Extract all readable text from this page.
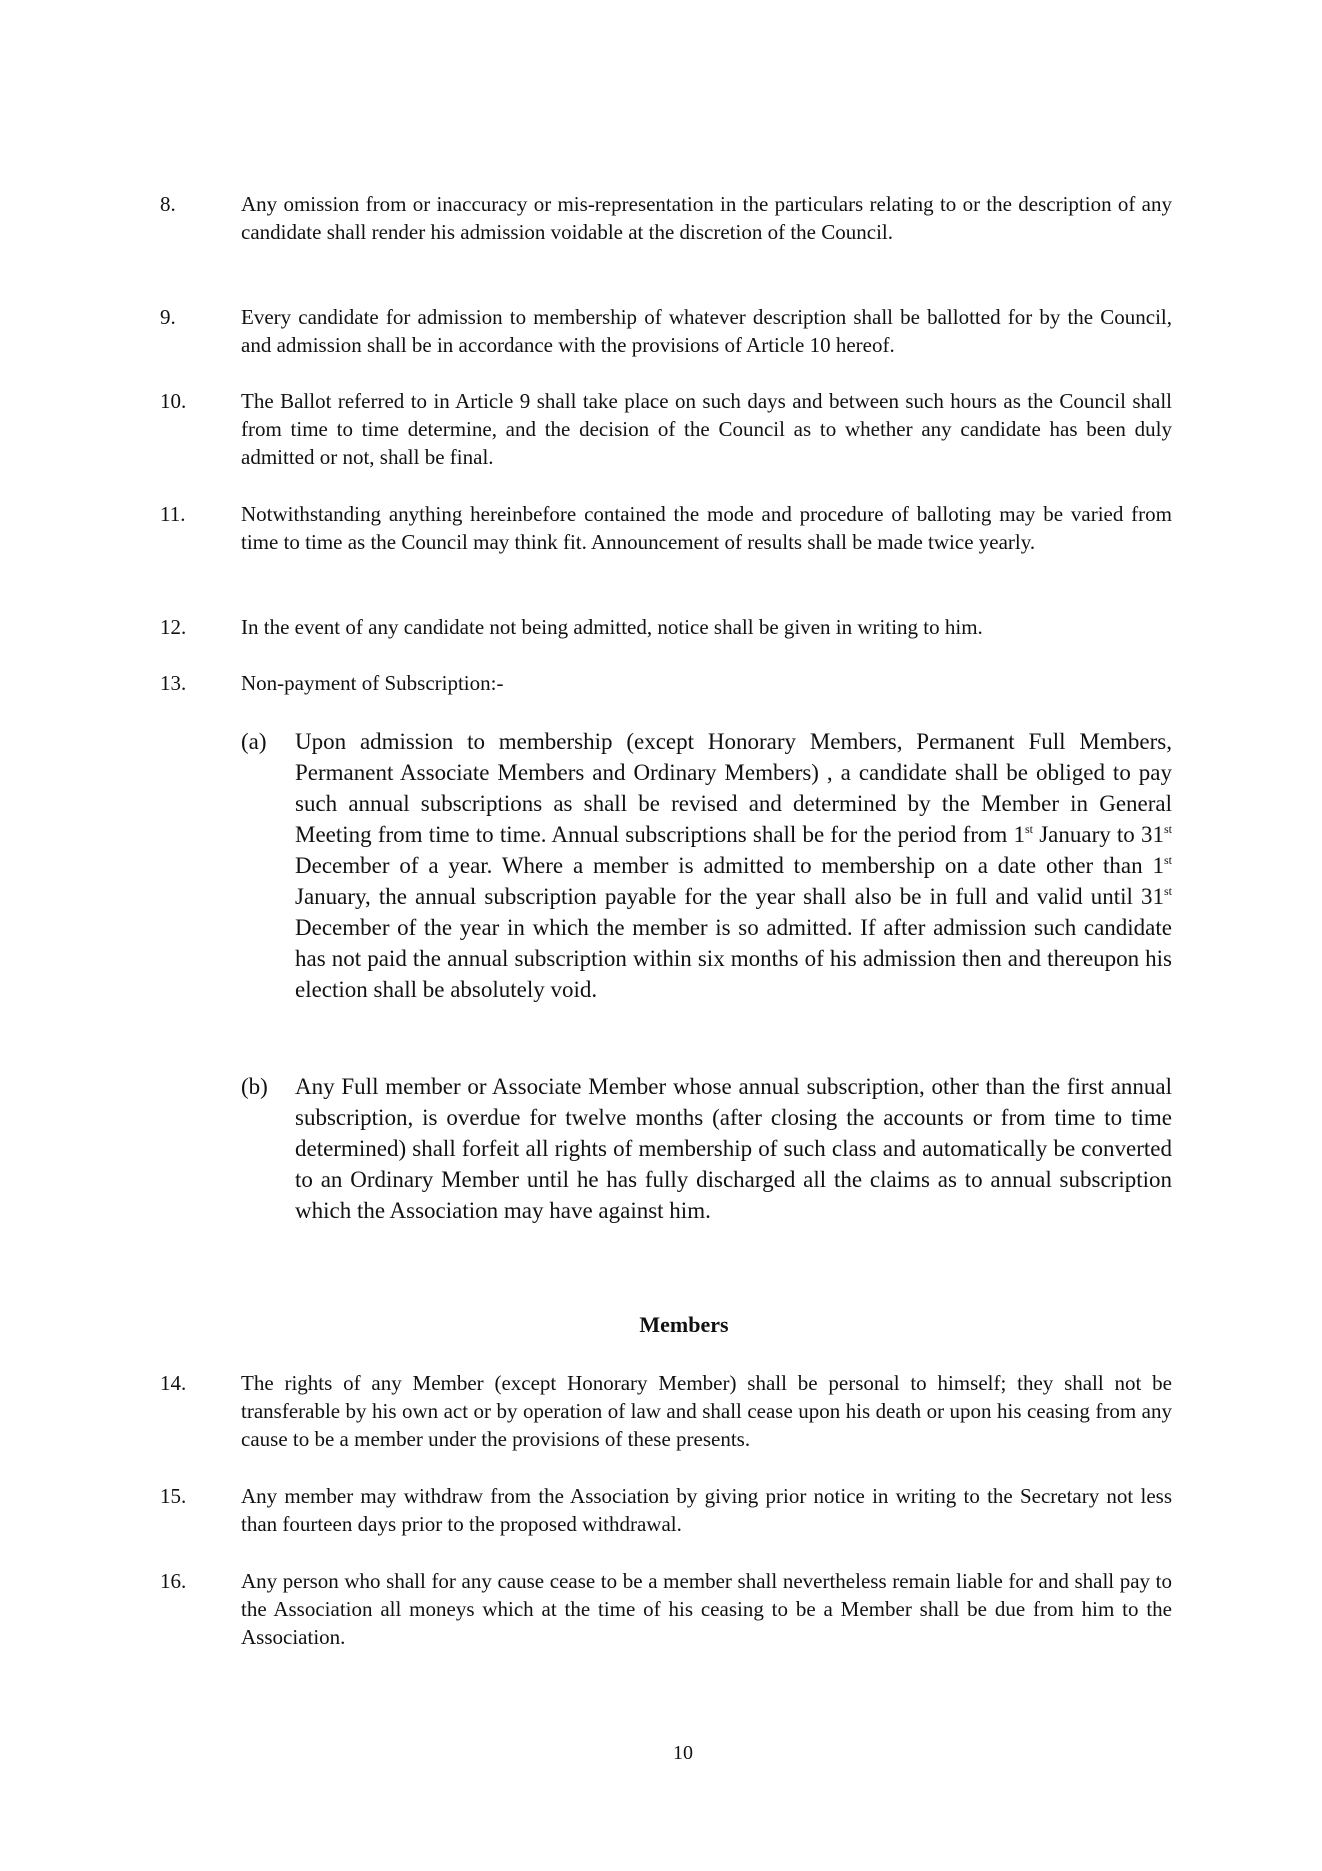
8.	Any omission from or inaccuracy or mis-representation in the particulars relating to or the description of any candidate shall render his admission voidable at the discretion of the Council.
9.	Every candidate for admission to membership of whatever description shall be ballotted for by the Council, and admission shall be in accordance with the provisions of Article 10 hereof.
10.	The Ballot referred to in Article 9 shall take place on such days and between such hours as the Council shall from time to time determine, and the decision of the Council as to whether any candidate has been duly admitted or not, shall be final.
11.	Notwithstanding anything hereinbefore contained the mode and procedure of balloting may be varied from time to time as the Council may think fit. Announcement of results shall be made twice yearly.
12.	In the event of any candidate not being admitted, notice shall be given in writing to him.
13.	Non-payment of Subscription:-
(a)	Upon admission to membership (except Honorary Members, Permanent Full Members, Permanent Associate Members and Ordinary Members) , a candidate shall be obliged to pay such annual subscriptions as shall be revised and determined by the Member in General Meeting from time to time. Annual subscriptions shall be for the period from 1st January to 31st December of a year. Where a member is admitted to membership on a date other than 1st January, the annual subscription payable for the year shall also be in full and valid until 31st December of the year in which the member is so admitted. If after admission such candidate has not paid the annual subscription within six months of his admission then and thereupon his election shall be absolutely void.
(b)	Any Full member or Associate Member whose annual subscription, other than the first annual subscription, is overdue for twelve months (after closing the accounts or from time to time determined) shall forfeit all rights of membership of such class and automatically be converted to an Ordinary Member until he has fully discharged all the claims as to annual subscription which the Association may have against him.
Members
14.	The rights of any Member (except Honorary Member) shall be personal to himself; they shall not be transferable by his own act or by operation of law and shall cease upon his death or upon his ceasing from any cause to be a member under the provisions of these presents.
15.	Any member may withdraw from the Association by giving prior notice in writing to the Secretary not less than fourteen days prior to the proposed withdrawal.
16.	Any person who shall for any cause cease to be a member shall nevertheless remain liable for and shall pay to the Association all moneys which at the time of his ceasing to be a Member shall be due from him to the Association.
10
